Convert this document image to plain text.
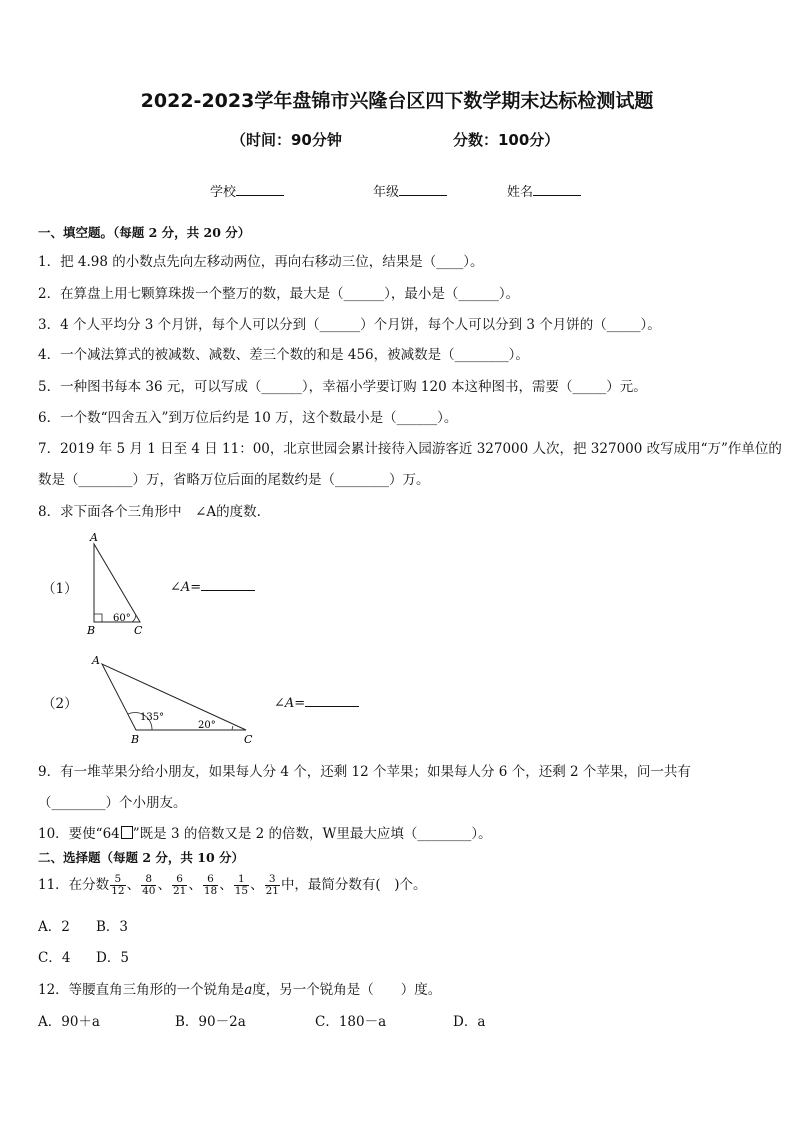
2022-2023学年盘锦市兴隆台区四下数学期末达标检测试题
（时间：90分钟	分数：100分）
学校	年级	姓名
一、填空题。（每题 2 分，共 20 分）
1．把 4.98 的小数点先向左移动两位，再向右移动三位，结果是（____）。
2．在算盘上用七颗算珠拨一个整万的数，最大是（______），最小是（______）。
3．4 个人平均分 3 个月饼，每个人可以分到（______）个月饼，每个人可以分到 3 个月饼的（_____）。
4．一个减法算式的被减数、减数、差三个数的和是 456，被减数是（________）。
5．一种图书每本 36 元，可以写成（______），幸福小学要订购 120 本这种图书，需要（_____）元。
6．一个数“四舍五入”到万位后约是 10 万，这个数最小是（______）。
7．2019 年 5 月 1 日至 4 日 11：00，北京世园会累计接待入园游客近 327000 人次，把 327000 改写成用“万”作单位的
数是（________）万，省略万位后面的尾数约是（________）万。
8．求下面各个三角形中　∠A的度数.
（1）
A
B	C
60°
∠A=
（2）
A
B	C
135°
20°
∠A=
9．有一堆苹果分给小朋友，如果每人分 4 个，还剩 12 个苹果；如果每人分 6 个，还剩 2 个苹果，问一共有
（________）个小朋友。
10．要使“64 ”既是 3 的倍数又是 2 的倍数，W里最大应填（________）。
二、选择题（每题 2 分，共 10 分）
11．在分数 $\frac{5}{12}$ 、 $\frac{8}{40}$ 、 $\frac{6}{21}$ 、 $\frac{6}{18}$ 、 $\frac{1}{15}$ 、 $\frac{3}{21}$ 中，最简分数有(　)个。
A．2 B．3
C．4 D．5
12．等腰直角三角形的一个锐角是a度，另一个锐角是（　　）度。
A．90＋a	B．90－2a	C．180－a	D．a
